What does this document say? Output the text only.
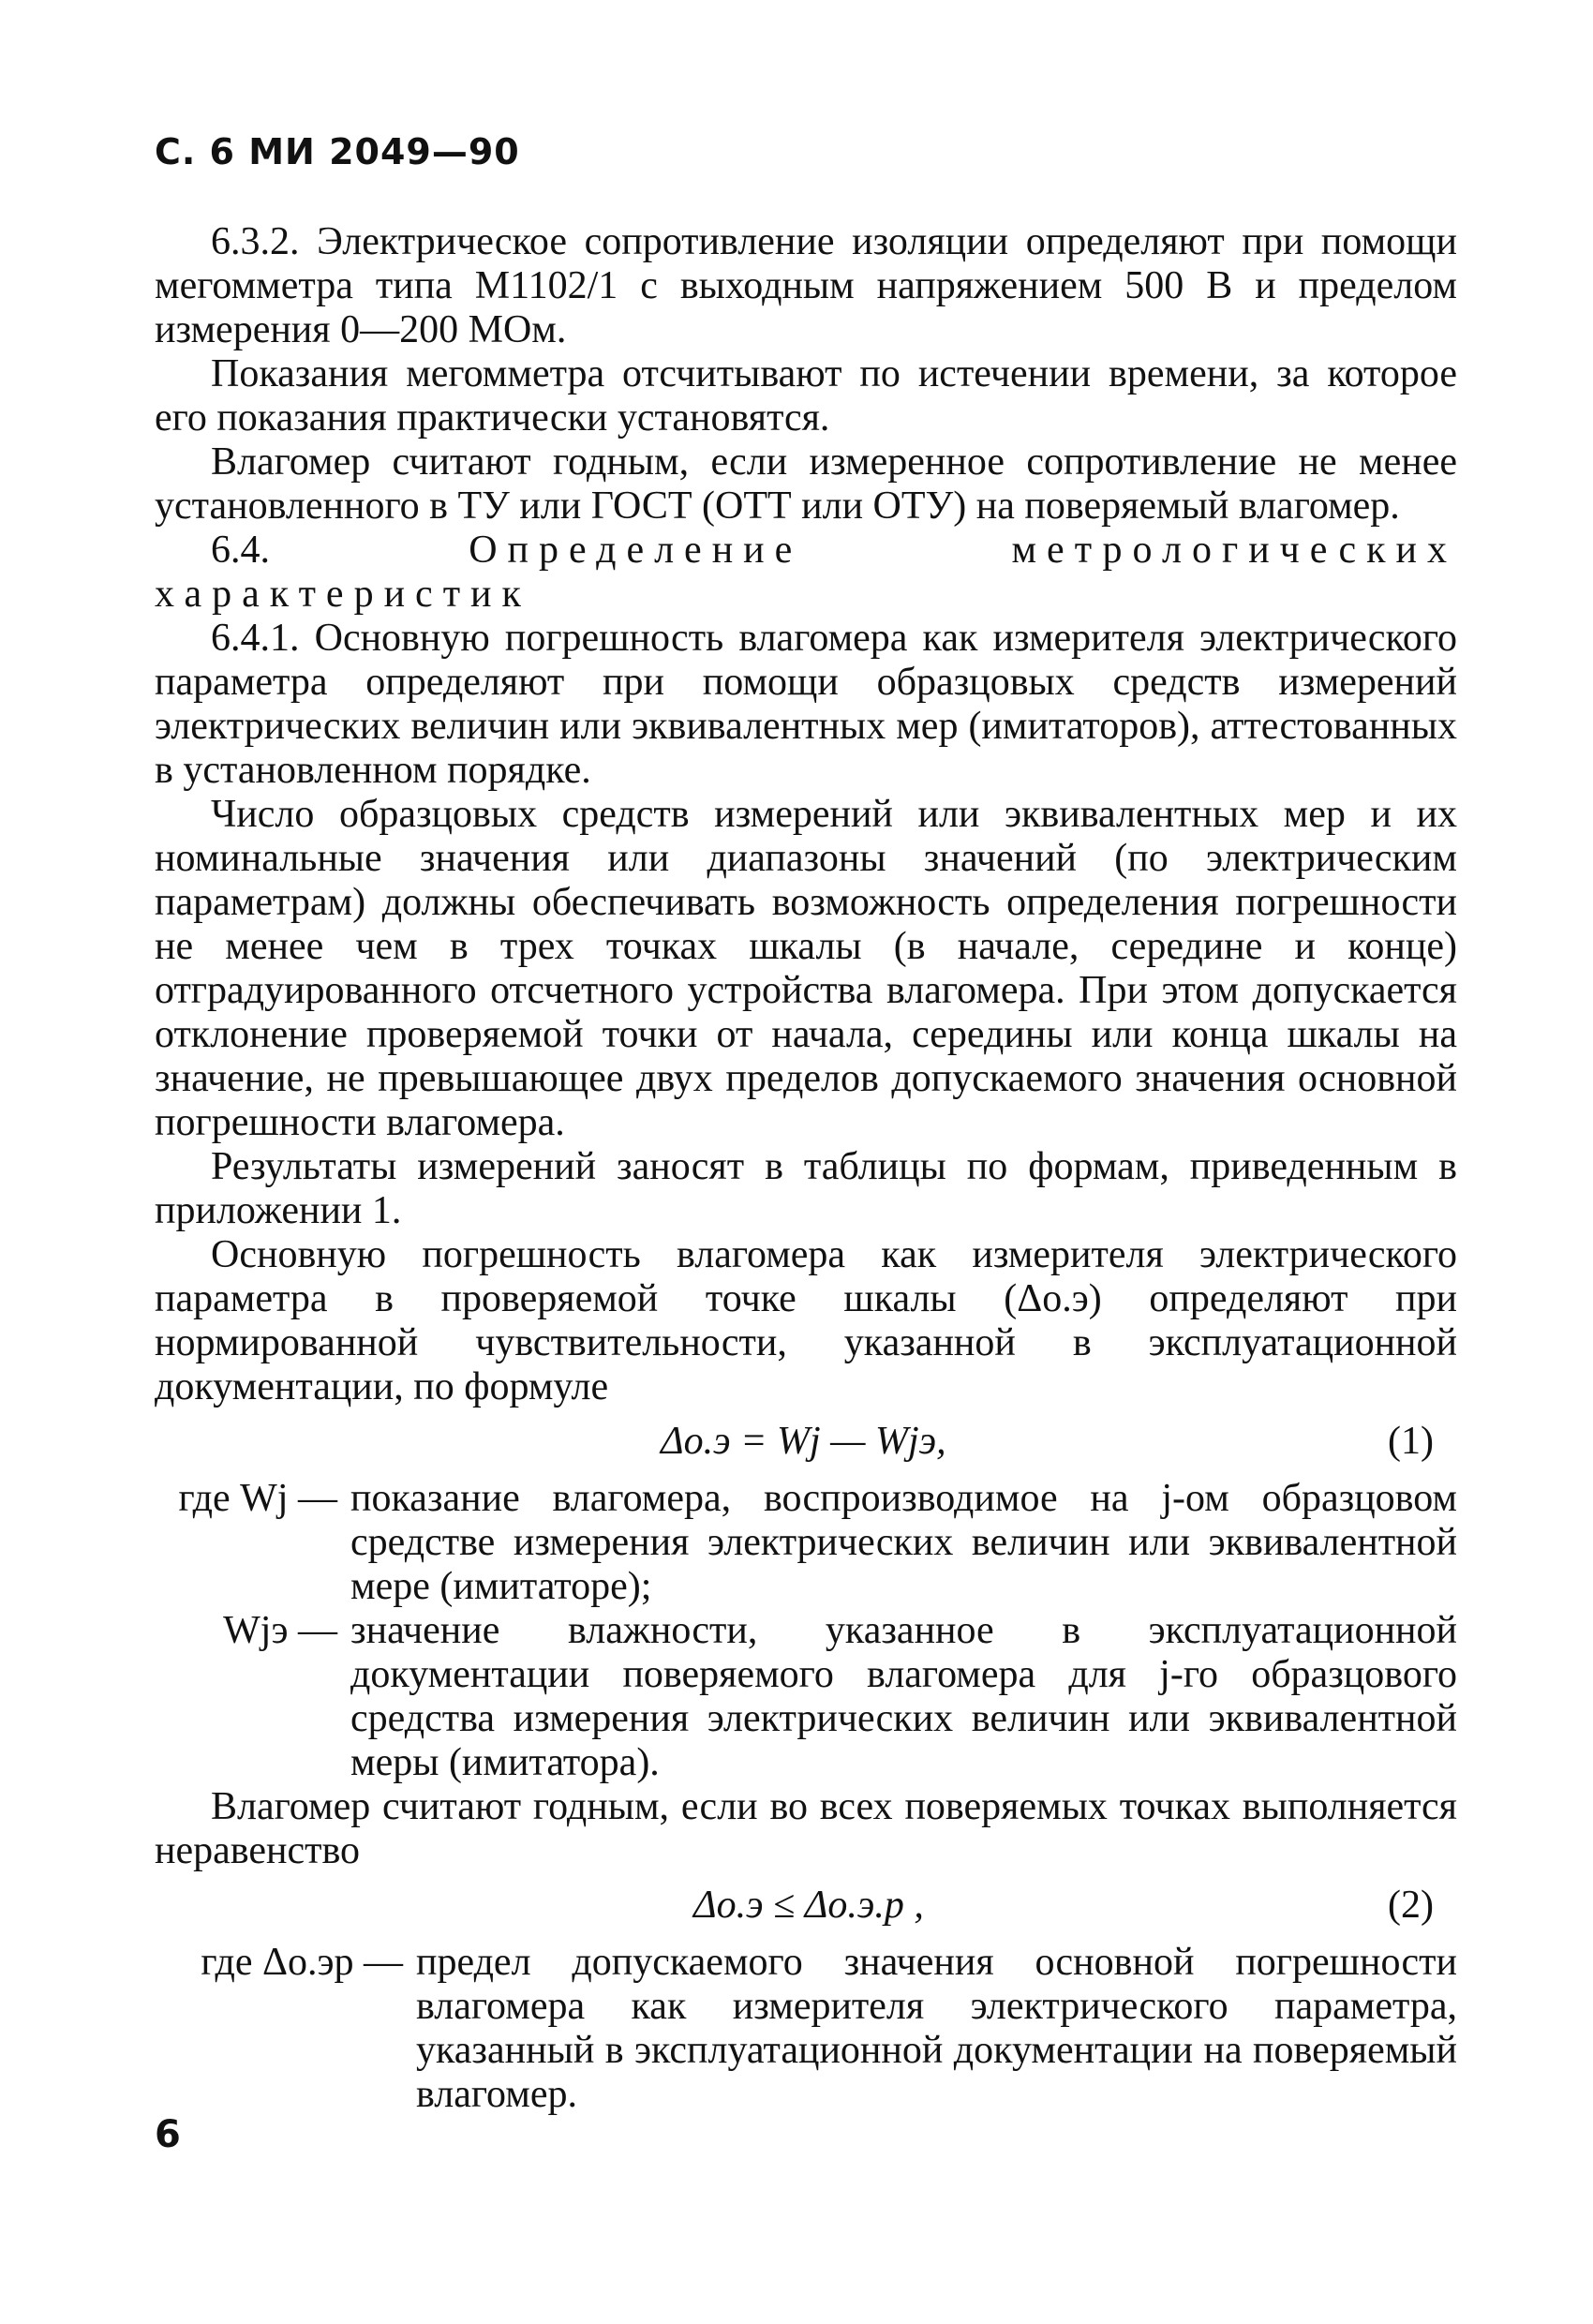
С. 6 МИ 2049—90

6.3.2. Электрическое сопротивление изоляции определяют при помощи мегомметра типа М1102/1 с выходным напряжением 500 В и пределом измерения 0—200 МОм.

Показания мегомметра отсчитывают по истечении времени, за которое его показания практически установятся.

Влагомер считают годным, если измеренное сопротивление не менее установленного в ТУ или ГОСТ (ОТТ или ОТУ) на поверяемый влагомер.

6.4.	Определение метрологических характеристик

6.4.1. Основную погрешность влагомера как измерителя электрического параметра определяют при помощи образцовых средств измерений электрических величин или эквивалентных мер (имитаторов), аттестованных в установленном порядке.

Число образцовых средств измерений или эквивалентных мер и их номинальные значения или диапазоны значений (по электрическим параметрам) должны обеспечивать возможность определения погрешности не менее чем в трех точках шкалы (в начале, середине и конце) отградуированного отсчетного устройства влагомера. При этом допускается отклонение проверяемой точки от начала, середины или конца шкалы на значение, не превышающее двух пределов допускаемого значения основной погрешности влагомера.

Результаты измерений заносят в таблицы по формам, приведенным в приложении 1.

Основную погрешность влагомера как измерителя электрического параметра в проверяемой точке шкалы (Δо.э) определяют при нормированной чувствительности, указанной в эксплуатационной документации, по формуле

Δо.э = Wj — Wjэ,	(1)
где Wj — показание влагомера, воспроизводимое на j-ом образцовом средстве измерения электрических величин или эквивалентной мере (имитаторе);
Wjэ — значение влажности, указанное в эксплуатационной документации поверяемого влагомера для j-го образцового средства измерения электрических величин или эквивалентной меры (имитатора).

Влагомер считают годным, если во всех поверяемых точках выполняется неравенство

Δо.э ≤ Δо.э.р ,	(2)
где Δо.эр — предел допускаемого значения основной погрешности влагомера как измерителя электрического параметра, указанный в эксплуатационной документации на поверяемый влагомер.
6
